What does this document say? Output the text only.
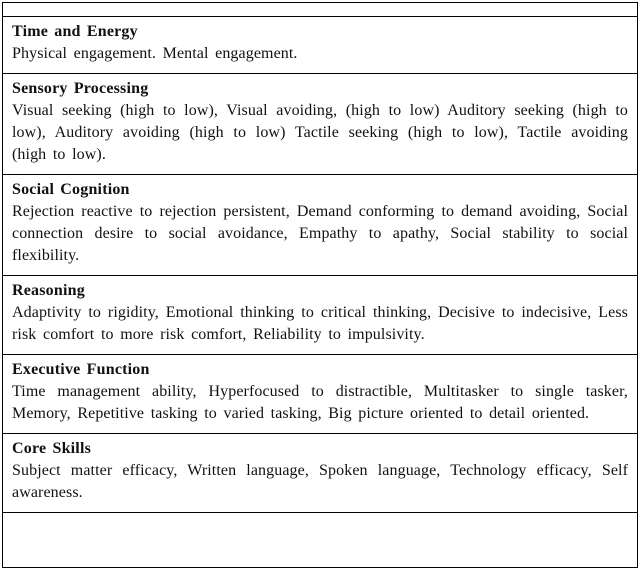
Time and Energy
Physical engagement. Mental engagement.
Sensory Processing
Visual seeking (high to low), Visual avoiding, (high to low) Auditory seeking (high to low), Auditory avoiding (high to low) Tactile seeking (high to low), Tactile avoiding (high to low).
Social Cognition
Rejection reactive to rejection persistent, Demand conforming to demand avoiding, Social connection desire to social avoidance, Empathy to apathy, Social stability to social flexibility.
Reasoning
Adaptivity to rigidity, Emotional thinking to critical thinking, Decisive to indecisive, Less risk comfort to more risk comfort, Reliability to impulsivity.
Executive Function
Time management ability, Hyperfocused to distractible, Multitasker to single tasker, Memory, Repetitive tasking to varied tasking, Big picture oriented to detail oriented.
Core Skills
Subject matter efficacy, Written language, Spoken language, Technology efficacy, Self awareness.
